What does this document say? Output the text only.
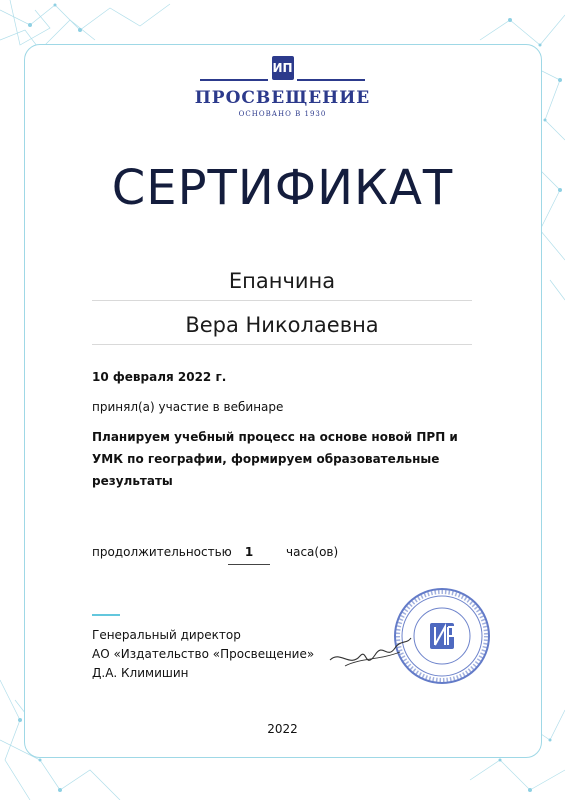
ИП
ПРОСВЕЩЕНИЕ
ОСНОВАНО В 1930
СЕРТИФИКАТ
Епанчина
Вера Николаевна
10 февраля 2022 г.
принял(а) участие в вебинаре
Планируем учебный процесс на основе новой ПРП и УМК по географии, формируем образовательные результаты
продолжительностью	1	часа(ов)
Генеральный директор
АО «Издательство «Просвещение»
Д.А. Климишин
2022
